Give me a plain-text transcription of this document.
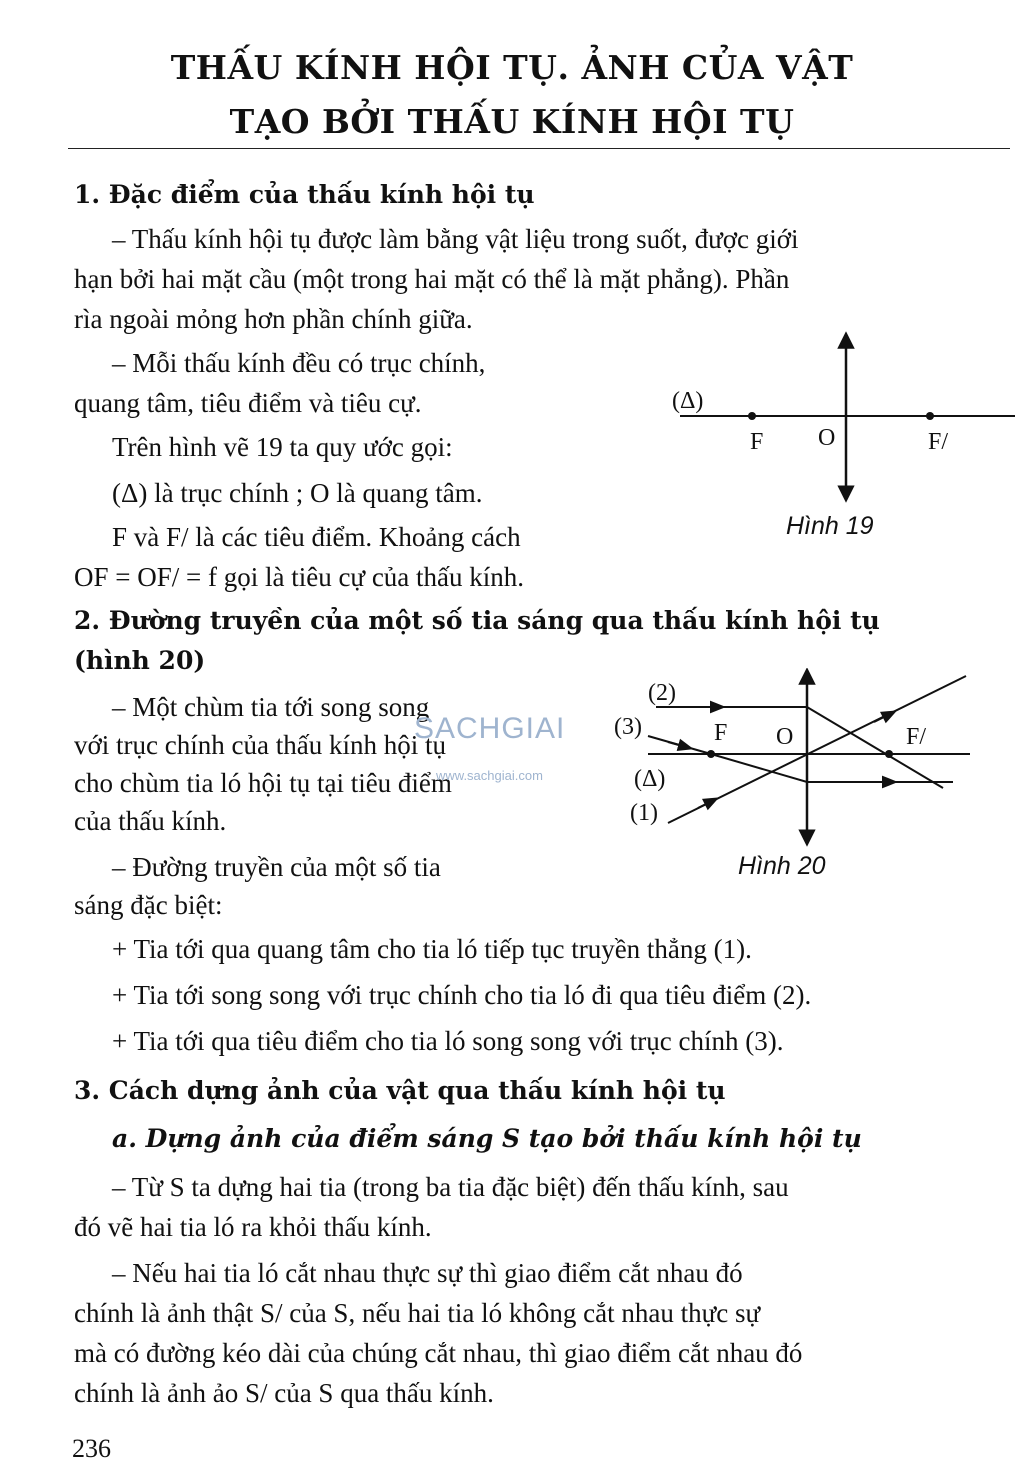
THẤU KÍNH HỘI TỤ. ẢNH CỦA VẬT
TẠO BỞI THẤU KÍNH HỘI TỤ
1. Đặc điểm của thấu kính hội tụ
– Thấu kính hội tụ được làm bằng vật liệu trong suốt, được giới
hạn bởi hai mặt cầu (một trong hai mặt có thể là mặt phẳng). Phần
rìa ngoài mỏng hơn phần chính giữa.
– Mỗi thấu kính đều có trục chính,
quang tâm, tiêu điểm và tiêu cự.
Trên hình vẽ 19 ta quy ước gọi:
(Δ) là trục chính ; O là quang tâm.
F và F/ là các tiêu điểm. Khoảng cách
OF = OF/ = f gọi là tiêu cự của thấu kính.
(Δ)
F O	F/
Hình 19
2. Đường truyền của một số tia sáng qua thấu kính hội tụ
(hình 20)
– Một chùm tia tới song song
với trục chính của thấu kính hội tụ
cho chùm tia ló hội tụ tại tiêu điểm
của thấu kính.
– Đường truyền của một số tia
sáng đặc biệt:
SACHGIAI
www.sachgiai.com
(2)
(3)
(Δ)
(1)
F O	F/
Hình 20
+ Tia tới qua quang tâm cho tia ló tiếp tục truyền thẳng (1).
+ Tia tới song song với trục chính cho tia ló đi qua tiêu điểm (2).
+ Tia tới qua tiêu điểm cho tia ló song song với trục chính (3).
3. Cách dựng ảnh của vật qua thấu kính hội tụ
a. Dựng ảnh của điểm sáng S tạo bởi thấu kính hội tụ
– Từ S ta dựng hai tia (trong ba tia đặc biệt) đến thấu kính, sau
đó vẽ hai tia ló ra khỏi thấu kính.
– Nếu hai tia ló cắt nhau thực sự thì giao điểm cắt nhau đó
chính là ảnh thật S/ của S, nếu hai tia ló không cắt nhau thực sự
mà có đường kéo dài của chúng cắt nhau, thì giao điểm cắt nhau đó
chính là ảnh ảo S/ của S qua thấu kính.
236
